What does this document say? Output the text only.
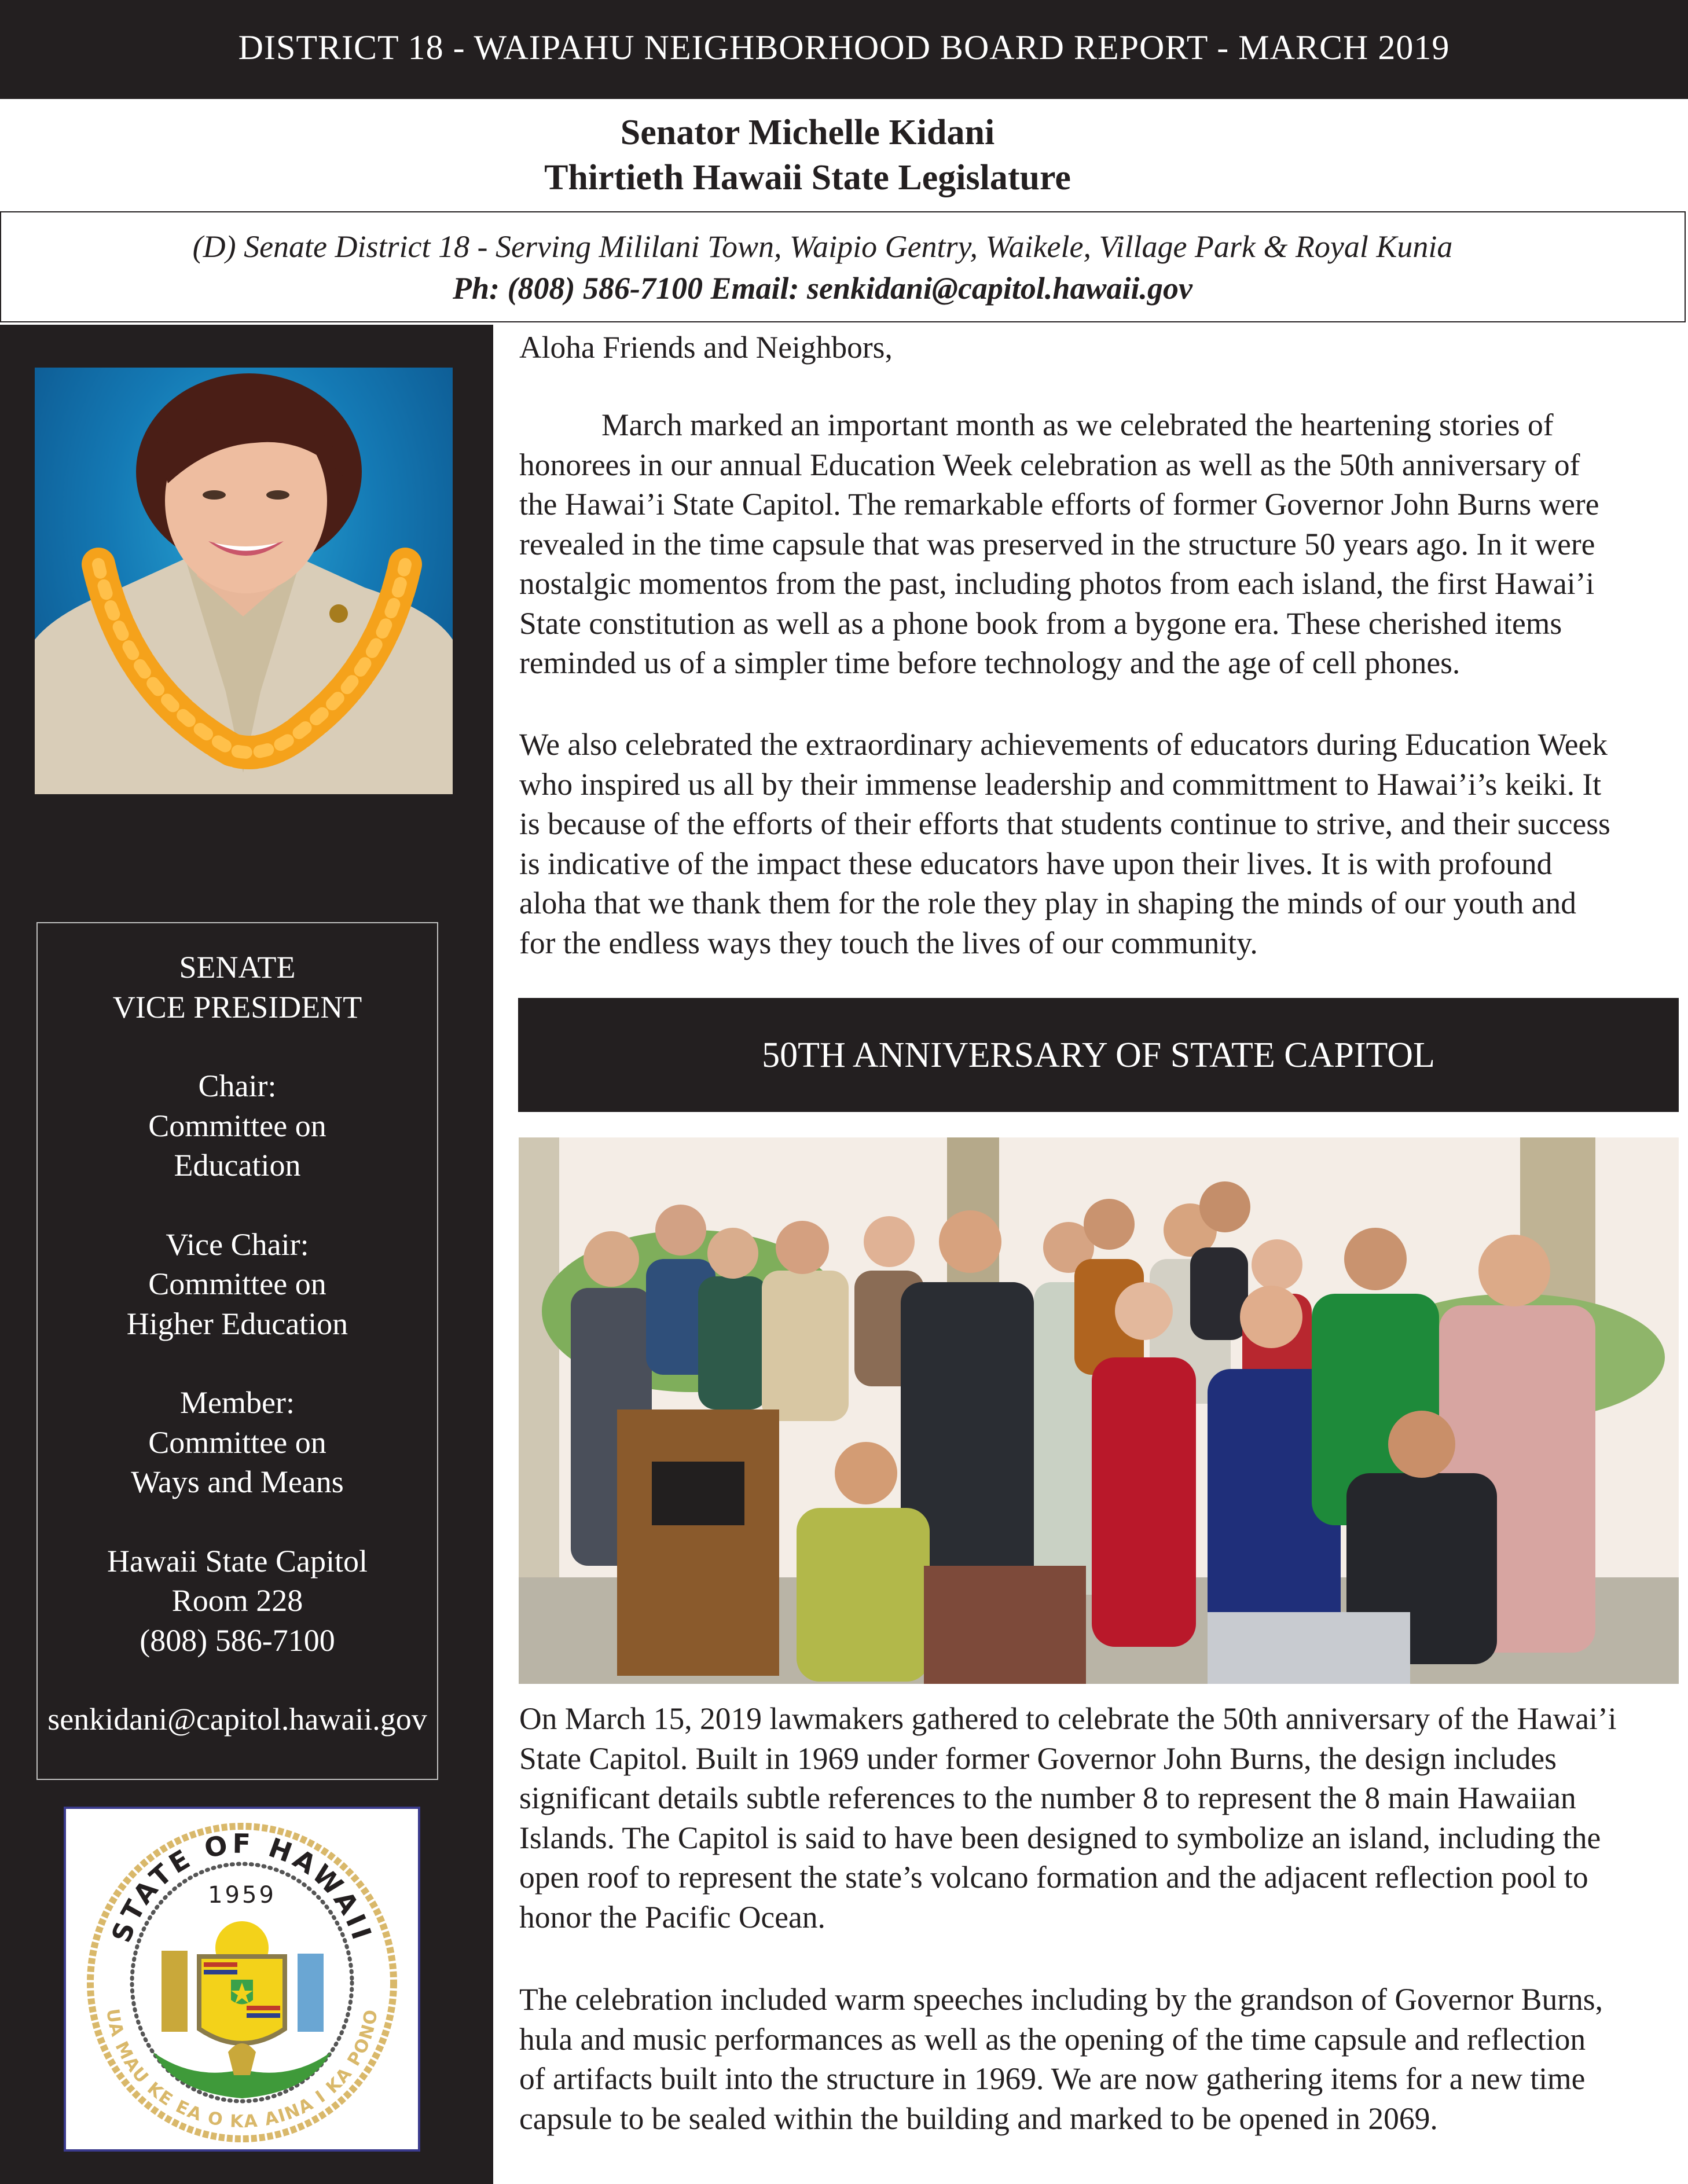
DISTRICT 18 - WAIPAHU NEIGHBORHOOD BOARD REPORT - MARCH 2019
Senator Michelle Kidani
Thirtieth Hawaii State Legislature
(D) Senate District 18 - Serving Mililani Town, Waipio Gentry, Waikele, Village Park & Royal Kunia
Ph: (808) 586-7100 Email: senkidani@capitol.hawaii.gov
SENATE
VICE PRESIDENT
Chair:
Committee on
Education
Vice Chair:
Committee on
Higher Education
Member:
Committee on
Ways and Means
Hawaii State Capitol
Room 228
(808) 586-7100
senkidani@capitol.hawaii.gov
STATE OF HAWAII
1959
UA MAU KE EA O KA AINA I KA PONO
Aloha Friends and Neighbors,
March marked an important month as we celebrated the heartening stories of
honorees in our annual Education Week celebration as well as the 50th anniversary of
the Hawai’i State Capitol. The remarkable efforts of former Governor John Burns were
revealed in the time capsule that was preserved in the structure 50 years ago. In it were
nostalgic momentos from the past, including photos from each island, the first Hawai’i
State constitution as well as a phone book from a bygone era. These cherished items
reminded us of a simpler time before technology and the age of cell phones.
We also celebrated the extraordinary achievements of educators during Education Week
who inspired us all by their immense leadership and committment to Hawai’i’s keiki. It
is because of the efforts of their efforts that students continue to strive, and their success
is indicative of the impact these educators have upon their lives. It is with profound
aloha that we thank them for the role they play in shaping the minds of our youth and
for the endless ways they touch the lives of our community.
50TH ANNIVERSARY OF STATE CAPITOL
On March 15, 2019 lawmakers gathered to celebrate the 50th anniversary of the Hawai’i
State Capitol. Built in 1969 under former Governor John Burns, the design includes
significant details subtle references to the number 8 to represent the 8 main Hawaiian
Islands. The Capitol is said to have been designed to symbolize an island, including the
open roof to represent the state’s volcano formation and the adjacent reflection pool to
honor the Pacific Ocean.
The celebration included warm speeches including by the grandson of Governor Burns,
hula and music performances as well as the opening of the time capsule and reflection
of artifacts built into the structure in 1969. We are now gathering items for a new time
capsule to be sealed within the building and marked to be opened in 2069.
